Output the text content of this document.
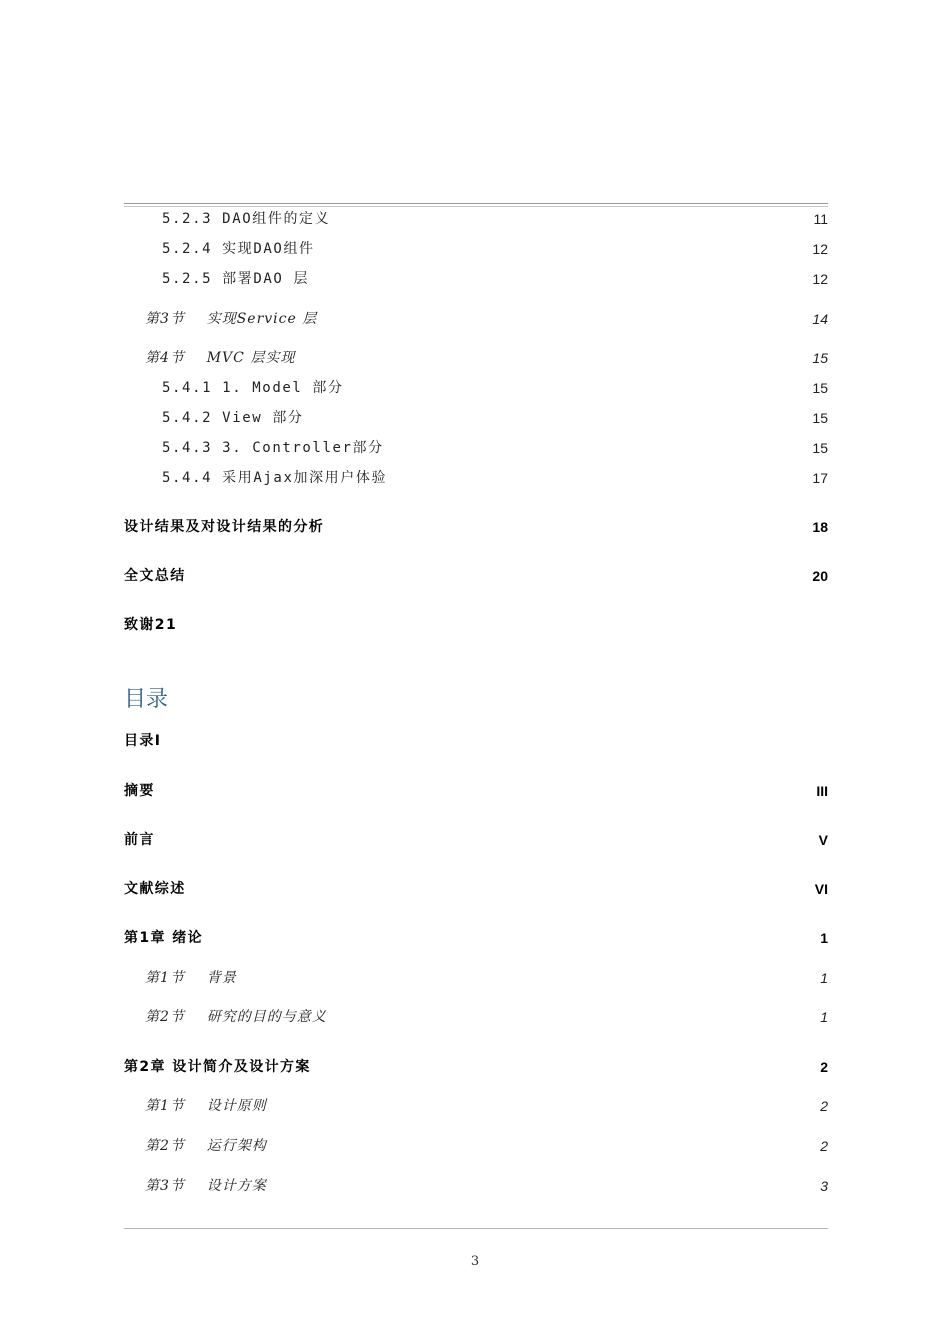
5.2.3 DAO组件的定义	11
5.2.4 实现DAO组件	12
5.2.5 部署DAO 层	12
第3节    实现Service 层	14
第4节    MVC 层实现	15
5.4.1 1. Model 部分	15
5.4.2 View 部分	15
5.4.3 3. Controller部分	15
5.4.4 采用Ajax加深用户体验	17
设计结果及对设计结果的分析	18
全文总结	20
致谢21
目录
目录I
摘要	III
前言	V
文献综述	VI
第1章 绪论	1
第1节    背景	1
第2节    研究的目的与意义	1
第2章 设计简介及设计方案	2
第1节    设计原则	2
第2节    运行架构	2
第3节    设计方案	3
3
